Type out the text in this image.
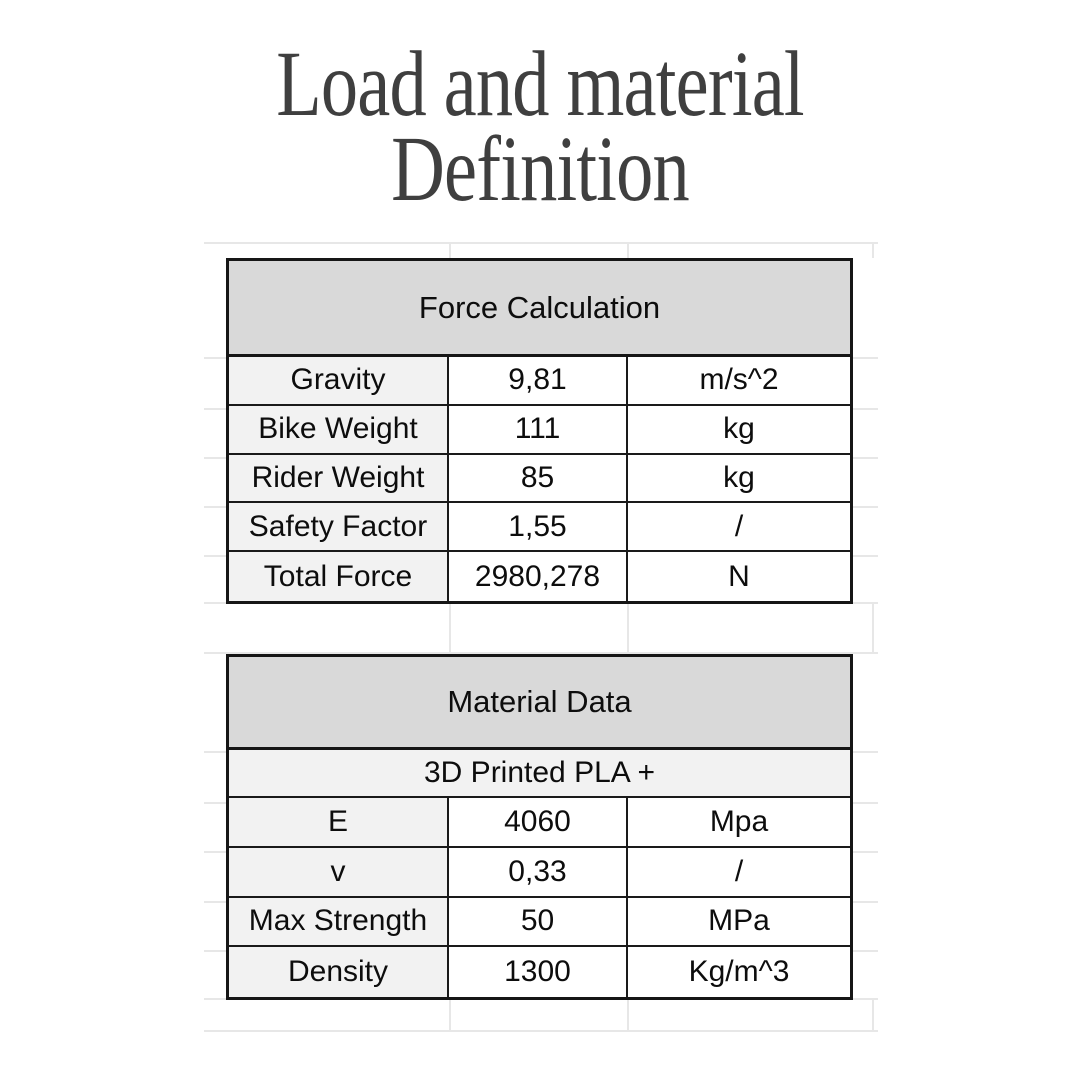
Load and material
Definition
Force Calculation
Gravity	9,81	m/s^2
Bike Weight	111	kg
Rider Weight	85	kg
Safety Factor	1,55	/
Total Force	2980,278	N
Material Data
3D Printed PLA +
E	4060	Mpa
v	0,33	/
Max Strength	50	MPa
Density	1300	Kg/m^3
